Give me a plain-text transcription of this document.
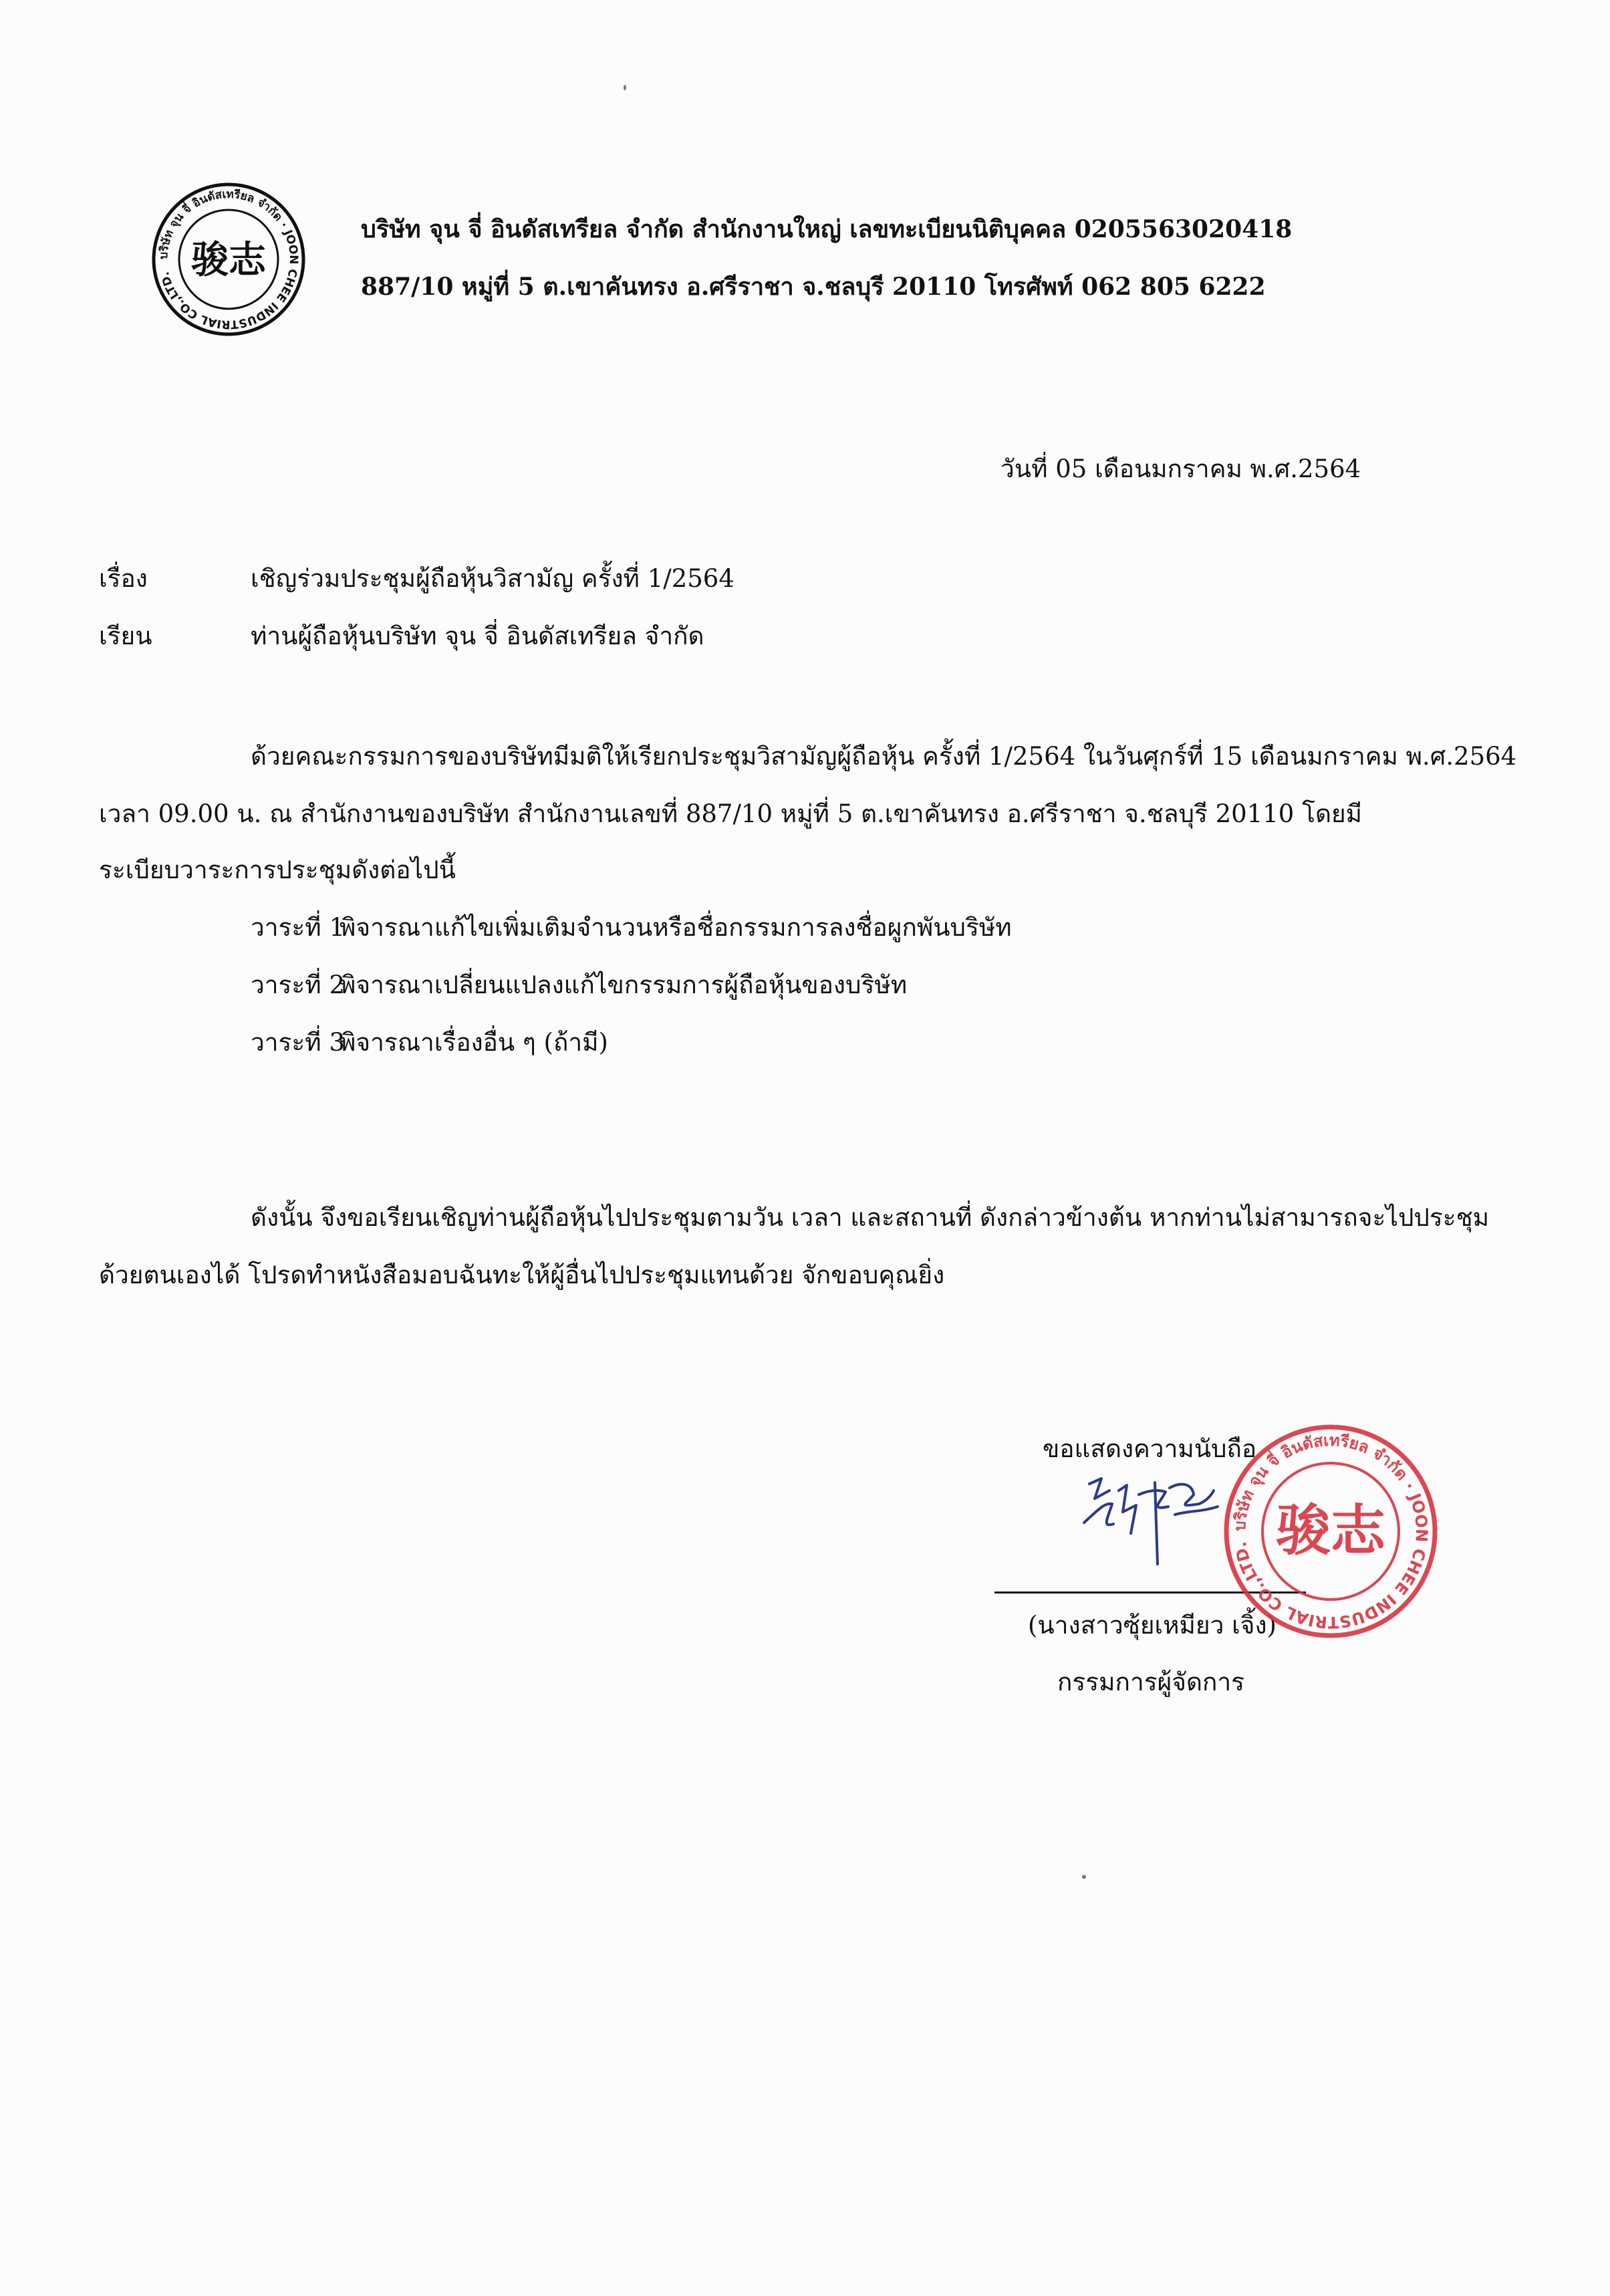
บริษัท จุน จี่ อินดัสเทรียล จำกัด · JOON CHEE INDUSTRIAL CO.,LTD. 骏志
บริษัท จุน จี่ อินดัสเทรียล จำกัด สำนักงานใหญ่ เลขทะเบียนนิติบุคคล 0205563020418
887/10 หมู่ที่ 5 ต.เขาคันทรง อ.ศรีราชา จ.ชลบุรี 20110 โทรศัพท์ 062 805 6222
วันที่ 05 เดือนมกราคม พ.ศ.2564
เรื่อง	เชิญร่วมประชุมผู้ถือหุ้นวิสามัญ ครั้งที่ 1/2564
เรียน	ท่านผู้ถือหุ้นบริษัท จุน จี่ อินดัสเทรียล จำกัด
ด้วยคณะกรรมการของบริษัทมีมติให้เรียกประชุมวิสามัญผู้ถือหุ้น ครั้งที่ 1/2564 ในวันศุกร์ที่ 15 เดือนมกราคม พ.ศ.2564
เวลา 09.00 น. ณ สำนักงานของบริษัท สำนักงานเลขที่ 887/10 หมู่ที่ 5 ต.เขาคันทรง อ.ศรีราชา จ.ชลบุรี 20110 โดยมี
ระเบียบวาระการประชุมดังต่อไปนี้
วาระที่ 1
พิจารณาแก้ไขเพิ่มเติมจำนวนหรือชื่อกรรมการลงชื่อผูกพันบริษัท
วาระที่ 2
พิจารณาเปลี่ยนแปลงแก้ไขกรรมการผู้ถือหุ้นของบริษัท
วาระที่ 3
พิจารณาเรื่องอื่น ๆ (ถ้ามี)
ดังนั้น จึงขอเรียนเชิญท่านผู้ถือหุ้นไปประชุมตามวัน เวลา และสถานที่ ดังกล่าวข้างต้น หากท่านไม่สามารถจะไปประชุม
ด้วยตนเองได้ โปรดทำหนังสือมอบฉันทะให้ผู้อื่นไปประชุมแทนด้วย จักขอบคุณยิ่ง
ขอแสดงความนับถือ
(นางสาวซุ้ยเหมียว เจิ้ง)
กรรมการผู้จัดการ
บริษัท จุน จี่ อินดัสเทรียล จำกัด · JOON CHEE INDUSTRIAL CO.,LTD. 骏志
